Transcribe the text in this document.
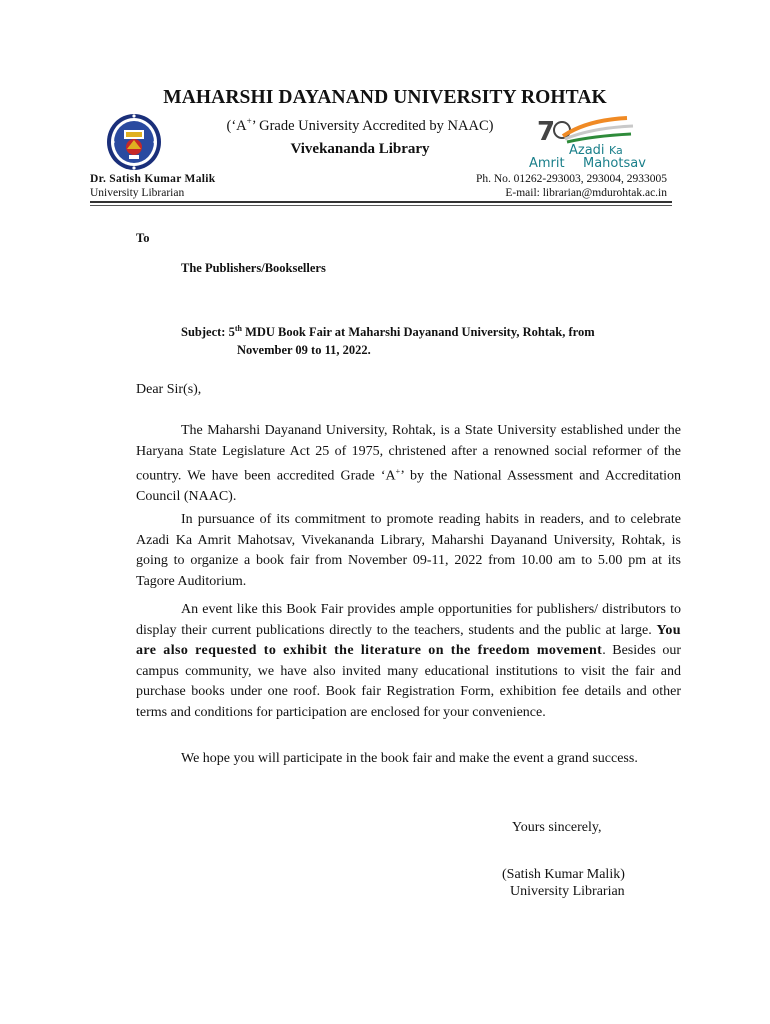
MAHARSHI DAYANAND UNIVERSITY ROHTAK
(‘A+’ Grade University Accredited by NAAC)
Vivekananda Library
7
Azadi Ka
Amrit Mahotsav
Dr. Satish Kumar Malik
University Librarian
Ph. No. 01262-293003, 293004, 2933005
E-mail: librarian@mdurohtak.ac.in
To
The Publishers/Booksellers
Subject: 5th MDU Book Fair at Maharshi Dayanand University, Rohtak, from
November 09 to 11, 2022.
Dear Sir(s),

The Maharshi Dayanand University, Rohtak, is a State University established under the Haryana State Legislature Act 25 of 1975, christened after a renowned social reformer of the country. We have been accredited Grade ‘A+’ by the National Assessment and Accreditation Council (NAAC).

In pursuance of its commitment to promote reading habits in readers, and to celebrate Azadi Ka Amrit Mahotsav, Vivekananda Library, Maharshi Dayanand University, Rohtak, is going to organize a book fair from November 09-11, 2022 from 10.00 am to 5.00 pm at its Tagore Auditorium.

An event like this Book Fair provides ample opportunities for publishers/ distributors to display their current publications directly to the teachers, students and the public at large. You are also requested to exhibit the literature on the freedom movement. Besides our campus community, we have also invited many educational institutions to visit the fair and purchase books under one roof. Book fair Registration Form, exhibition fee details and other terms and conditions for participation are enclosed for your convenience.

We hope you will participate in the book fair and make the event a grand success.

Yours sincerely,
(Satish Kumar Malik)
University Librarian
